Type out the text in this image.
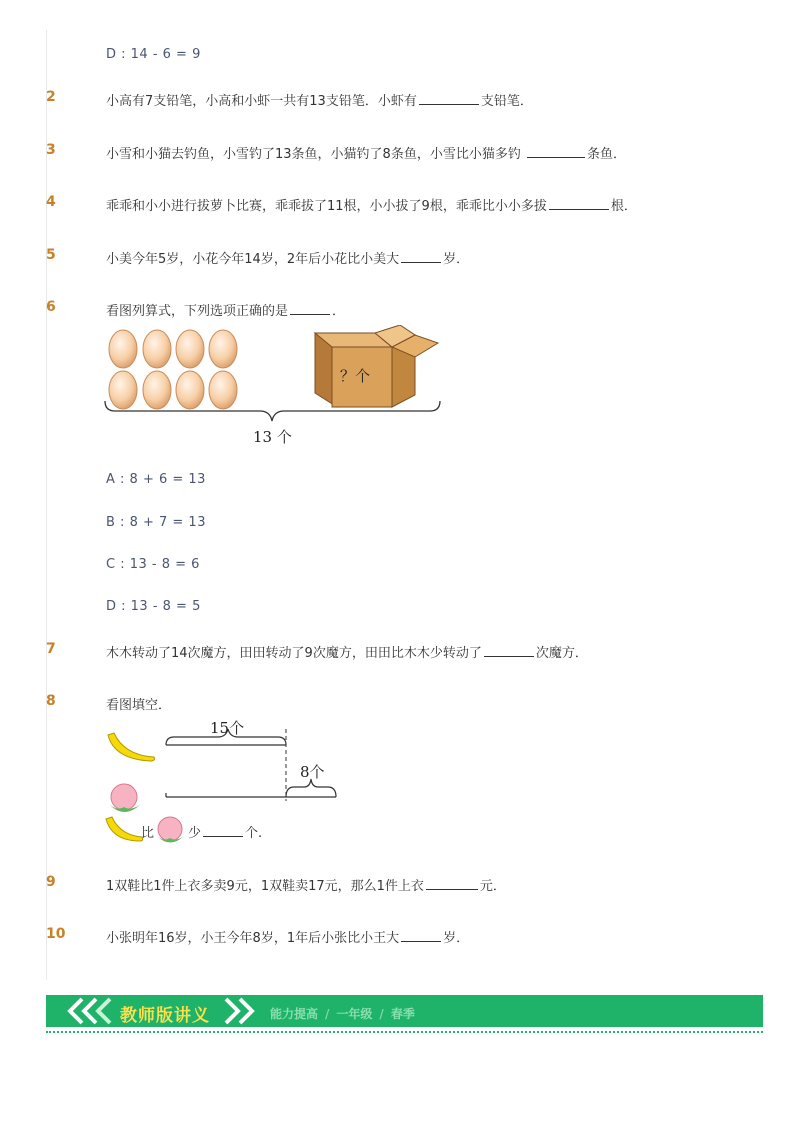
D : 14 - 6 = 9
2	小高有7支铅笔，小高和小虾一共有13支铅笔．小虾有	支铅笔．
3	小雪和小猫去钓鱼，小雪钓了13条鱼，小猫钓了8条鱼，小雪比小猫多钓	条鱼．
4	乖乖和小小进行拔萝卜比赛，乖乖拔了11根，小小拔了9根，乖乖比小小多拔	根．
5	小美今年5岁，小花今年14岁，2年后小花比小美大	岁．
6	看图列算式，下列选项正确的是	．
？个
13 个
A : 8 + 6 = 13
B : 8 + 7 = 13
C : 13 - 8 = 6
D : 13 - 8 = 5
7	木木转动了14次魔方，田田转动了9次魔方，田田比木木少转动了	次魔方．
8	看图填空．
15个
8个
比	少	个.
9	1双鞋比1件上衣多卖9元，1双鞋卖17元，那么1件上衣	元．
10	小张明年16岁，小王今年8岁，1年后小张比小王大	岁．
教师版讲义	能力提高 / 一年级 / 春季
